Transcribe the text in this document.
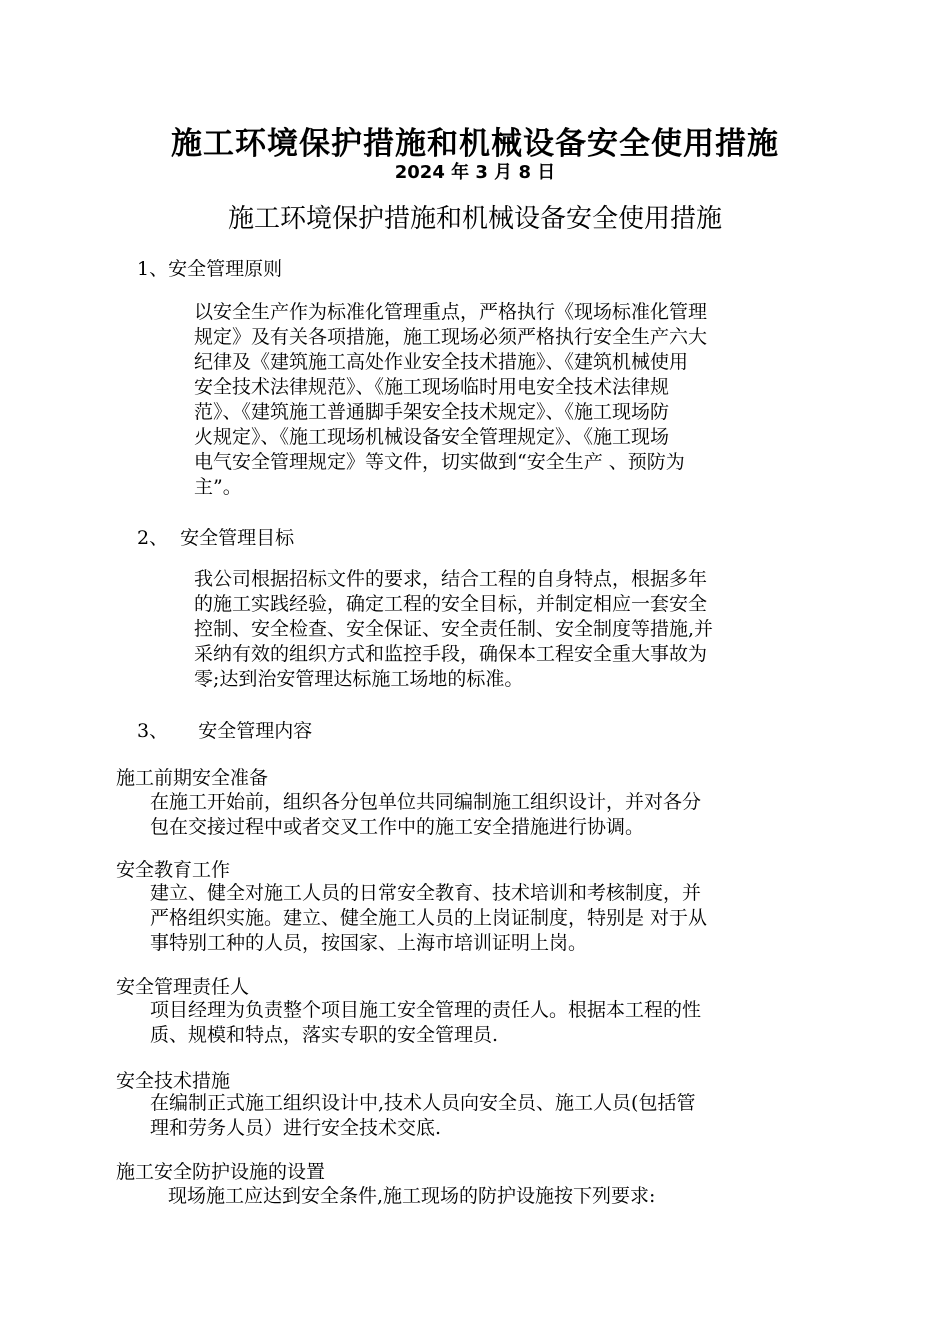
施工环境保护措施和机械设备安全使用措施
2024 年 3 月 8 日
施工环境保护措施和机械设备安全使用措施
1、安全管理原则
以安全生产作为标准化管理重点，严格执行《现场标准化管理
规定》及有关各项措施，施工现场必须严格执行安全生产六大
纪律及《建筑施工高处作业安全技术措施》、《建筑机械使用
安全技术法律规范》、《施工现场临时用电安全技术法律规
范》、《建筑施工普通脚手架安全技术规定》、《施工现场防
火规定》、《施工现场机械设备安全管理规定》、《施工现场
电气安全管理规定》等文件，切实做到“安全生产 、预防为
主”。
2、  安全管理目标
我公司根据招标文件的要求，结合工程的自身特点，根据多年
的施工实践经验，确定工程的安全目标，并制定相应一套安全
控制、安全检查、安全保证、安全责任制、安全制度等措施,并
采纳有效的组织方式和监控手段，确保本工程安全重大事故为
零;达到治安管理达标施工场地的标准。
3、     安全管理内容
施工前期安全准备
在施工开始前，组织各分包单位共同编制施工组织设计，并对各分
包在交接过程中或者交叉工作中的施工安全措施进行协调。
安全教育工作
建立、健全对施工人员的日常安全教育、技术培训和考核制度，并
严格组织实施。建立、健全施工人员的上岗证制度，特别是 对于从
事特别工种的人员，按国家、上海市培训证明上岗。
安全管理责任人
项目经理为负责整个项目施工安全管理的责任人。根据本工程的性
质、规模和特点，落实专职的安全管理员.
安全技术措施
在编制正式施工组织设计中,技术人员向安全员、施工人员(包括管
理和劳务人员）进行安全技术交底.
施工安全防护设施的设置
现场施工应达到安全条件,施工现场的防护设施按下列要求:
